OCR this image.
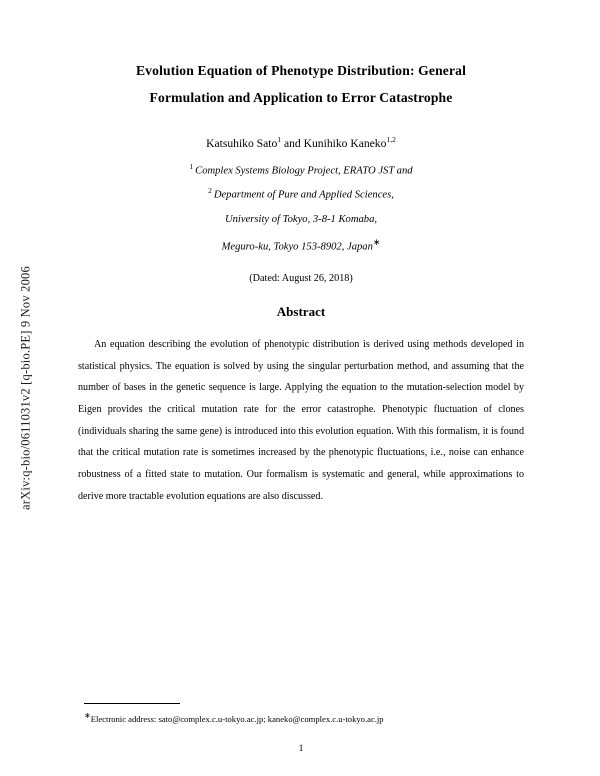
arXiv:q-bio/0611031v2 [q-bio.PE] 9 Nov 2006
Evolution Equation of Phenotype Distribution: General
Formulation and Application to Error Catastrophe
Katsuhiko Sato$^1$ and Kunihiko Kaneko$^{1,2}$
$^1$ Complex Systems Biology Project, ERATO JST and
$^2$ Department of Pure and Applied Sciences,
University of Tokyo, 3-8-1 Komaba,
Meguro-ku, Tokyo 153-8902, Japan∗
(Dated: August 26, 2018)
Abstract
An equation describing the evolution of phenotypic distribution is derived using methods developed in statistical physics. The equation is solved by using the singular perturbation method, and assuming that the number of bases in the genetic sequence is large. Applying the equation to the mutation-selection model by Eigen provides the critical mutation rate for the error catastrophe. Phenotypic fluctuation of clones (individuals sharing the same gene) is introduced into this evolution equation. With this formalism, it is found that the critical mutation rate is sometimes increased by the phenotypic fluctuations, i.e., noise can enhance robustness of a fitted state to mutation. Our formalism is systematic and general, while approximations to derive more tractable evolution equations are also discussed.
∗Electronic address: sato@complex.c.u-tokyo.ac.jp; kaneko@complex.c.u-tokyo.ac.jp
1
